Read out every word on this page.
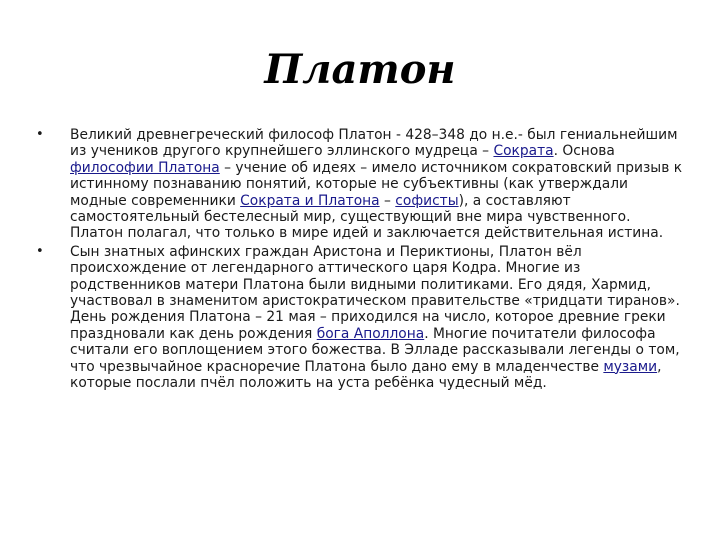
Платон
• Великий древнегреческий философ Платон - 428–348 до н.е.- был гениальнейшим из учеников другого крупнейшего эллинского мудреца – Сократа. Основа философии Платона – учение об идеях – имело источником сократовский призыв к истинному познаванию понятий, которые не субъективны (как утверждали модные современники Сократа и Платона – софисты), а составляют самостоятельный бестелесный мир, существующий вне мира чувственного. Платон полагал, что только в мире идей и заключается действительная истина.
• Сын знатных афинских граждан Аристона и Периктионы, Платон вёл происхождение от легендарного аттического царя Кодра. Многие из родственников матери Платона были видными политиками. Его дядя, Хармид, участвовал в знаменитом аристократическом правительстве «тридцати тиранов». День рождения Платона – 21 мая – приходился на число, которое древние греки праздновали как день рождения бога Аполлона. Многие почитатели философа считали его воплощением этого божества. В Элладе рассказывали легенды о том, что чрезвычайное красноречие Платона было дано ему в младенчестве музами, которые послали пчёл положить на уста ребёнка чудесный мёд.
